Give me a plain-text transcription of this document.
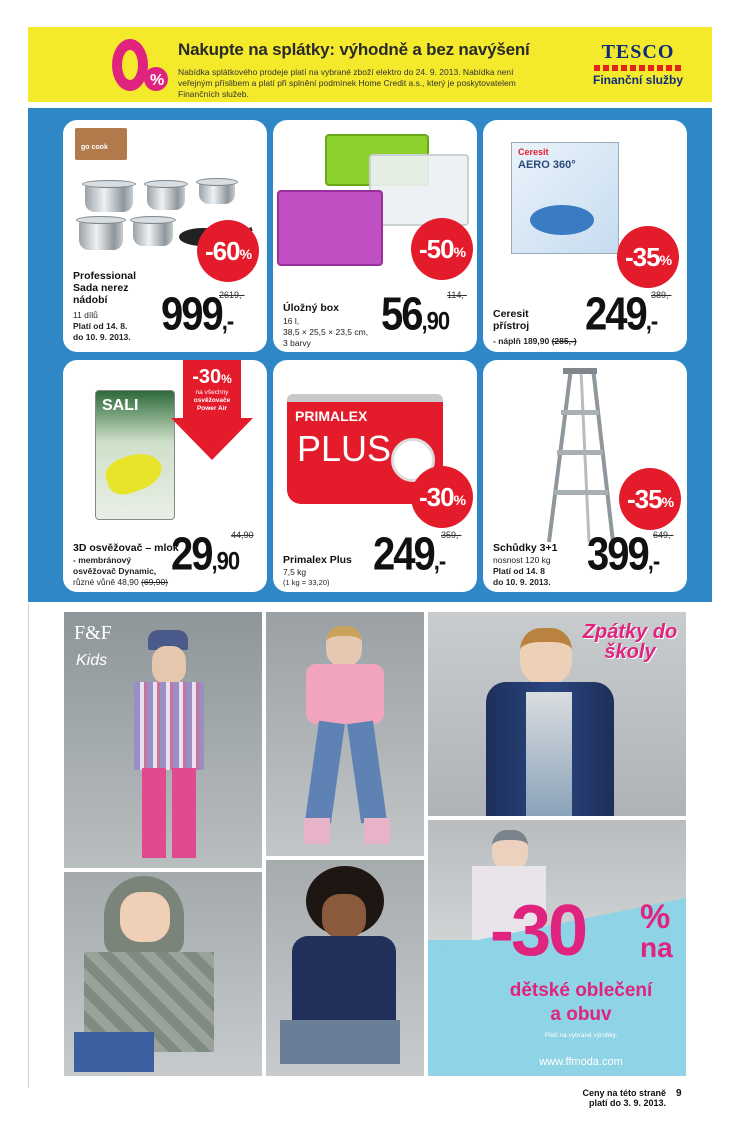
%
Nakupte na splátky: výhodně a bez navýšení
Nabídka splátkového prodeje platí na vybrané zboží elektro do 24. 9. 2013. Nabídka není veřejným příslibem a platí při splnění podmínek Home Credit a.s., který je poskytovatelem Finančních služeb.
TESCO
Finanční služby
go cook
-60 %
Professional Sada nerez nádobí
11 dílů
Platí od 14. 8.
do 10. 9. 2013.
2619,-
999,-
-50 %
Úložný box
16 l,
38,5 × 25,5 × 23,5 cm,
3 barvy
114,-
56,90
Ceresit
AERO 360°
-35 %
Ceresit přístroj
- náplň 189,90 (285,-)
389,-
249,-
SALI
-30%
na všechny
osvěžovače
Power Air
3D osvěžovač – mlok
- membránový
osvěžovač Dynamic,
různé vůně 48,90 (69,90)
44,90
29,90
PRIMALEX
PLUS
-30 %
Primalex Plus
7,5 kg
(1 kg = 33,20)
359,-
249,-
-35 %
Schůdky 3+1
nosnost 120 kg
Platí od 14. 8
do 10. 9. 2013.
649,-
399,-
F&F
Kids
Zpátky do školy
-30 %
na
dětské oblečení
a obuv
Platí na vybrané výrobky.
www.ffmoda.com
Ceny na této straně
platí do 3. 9. 2013.
9
